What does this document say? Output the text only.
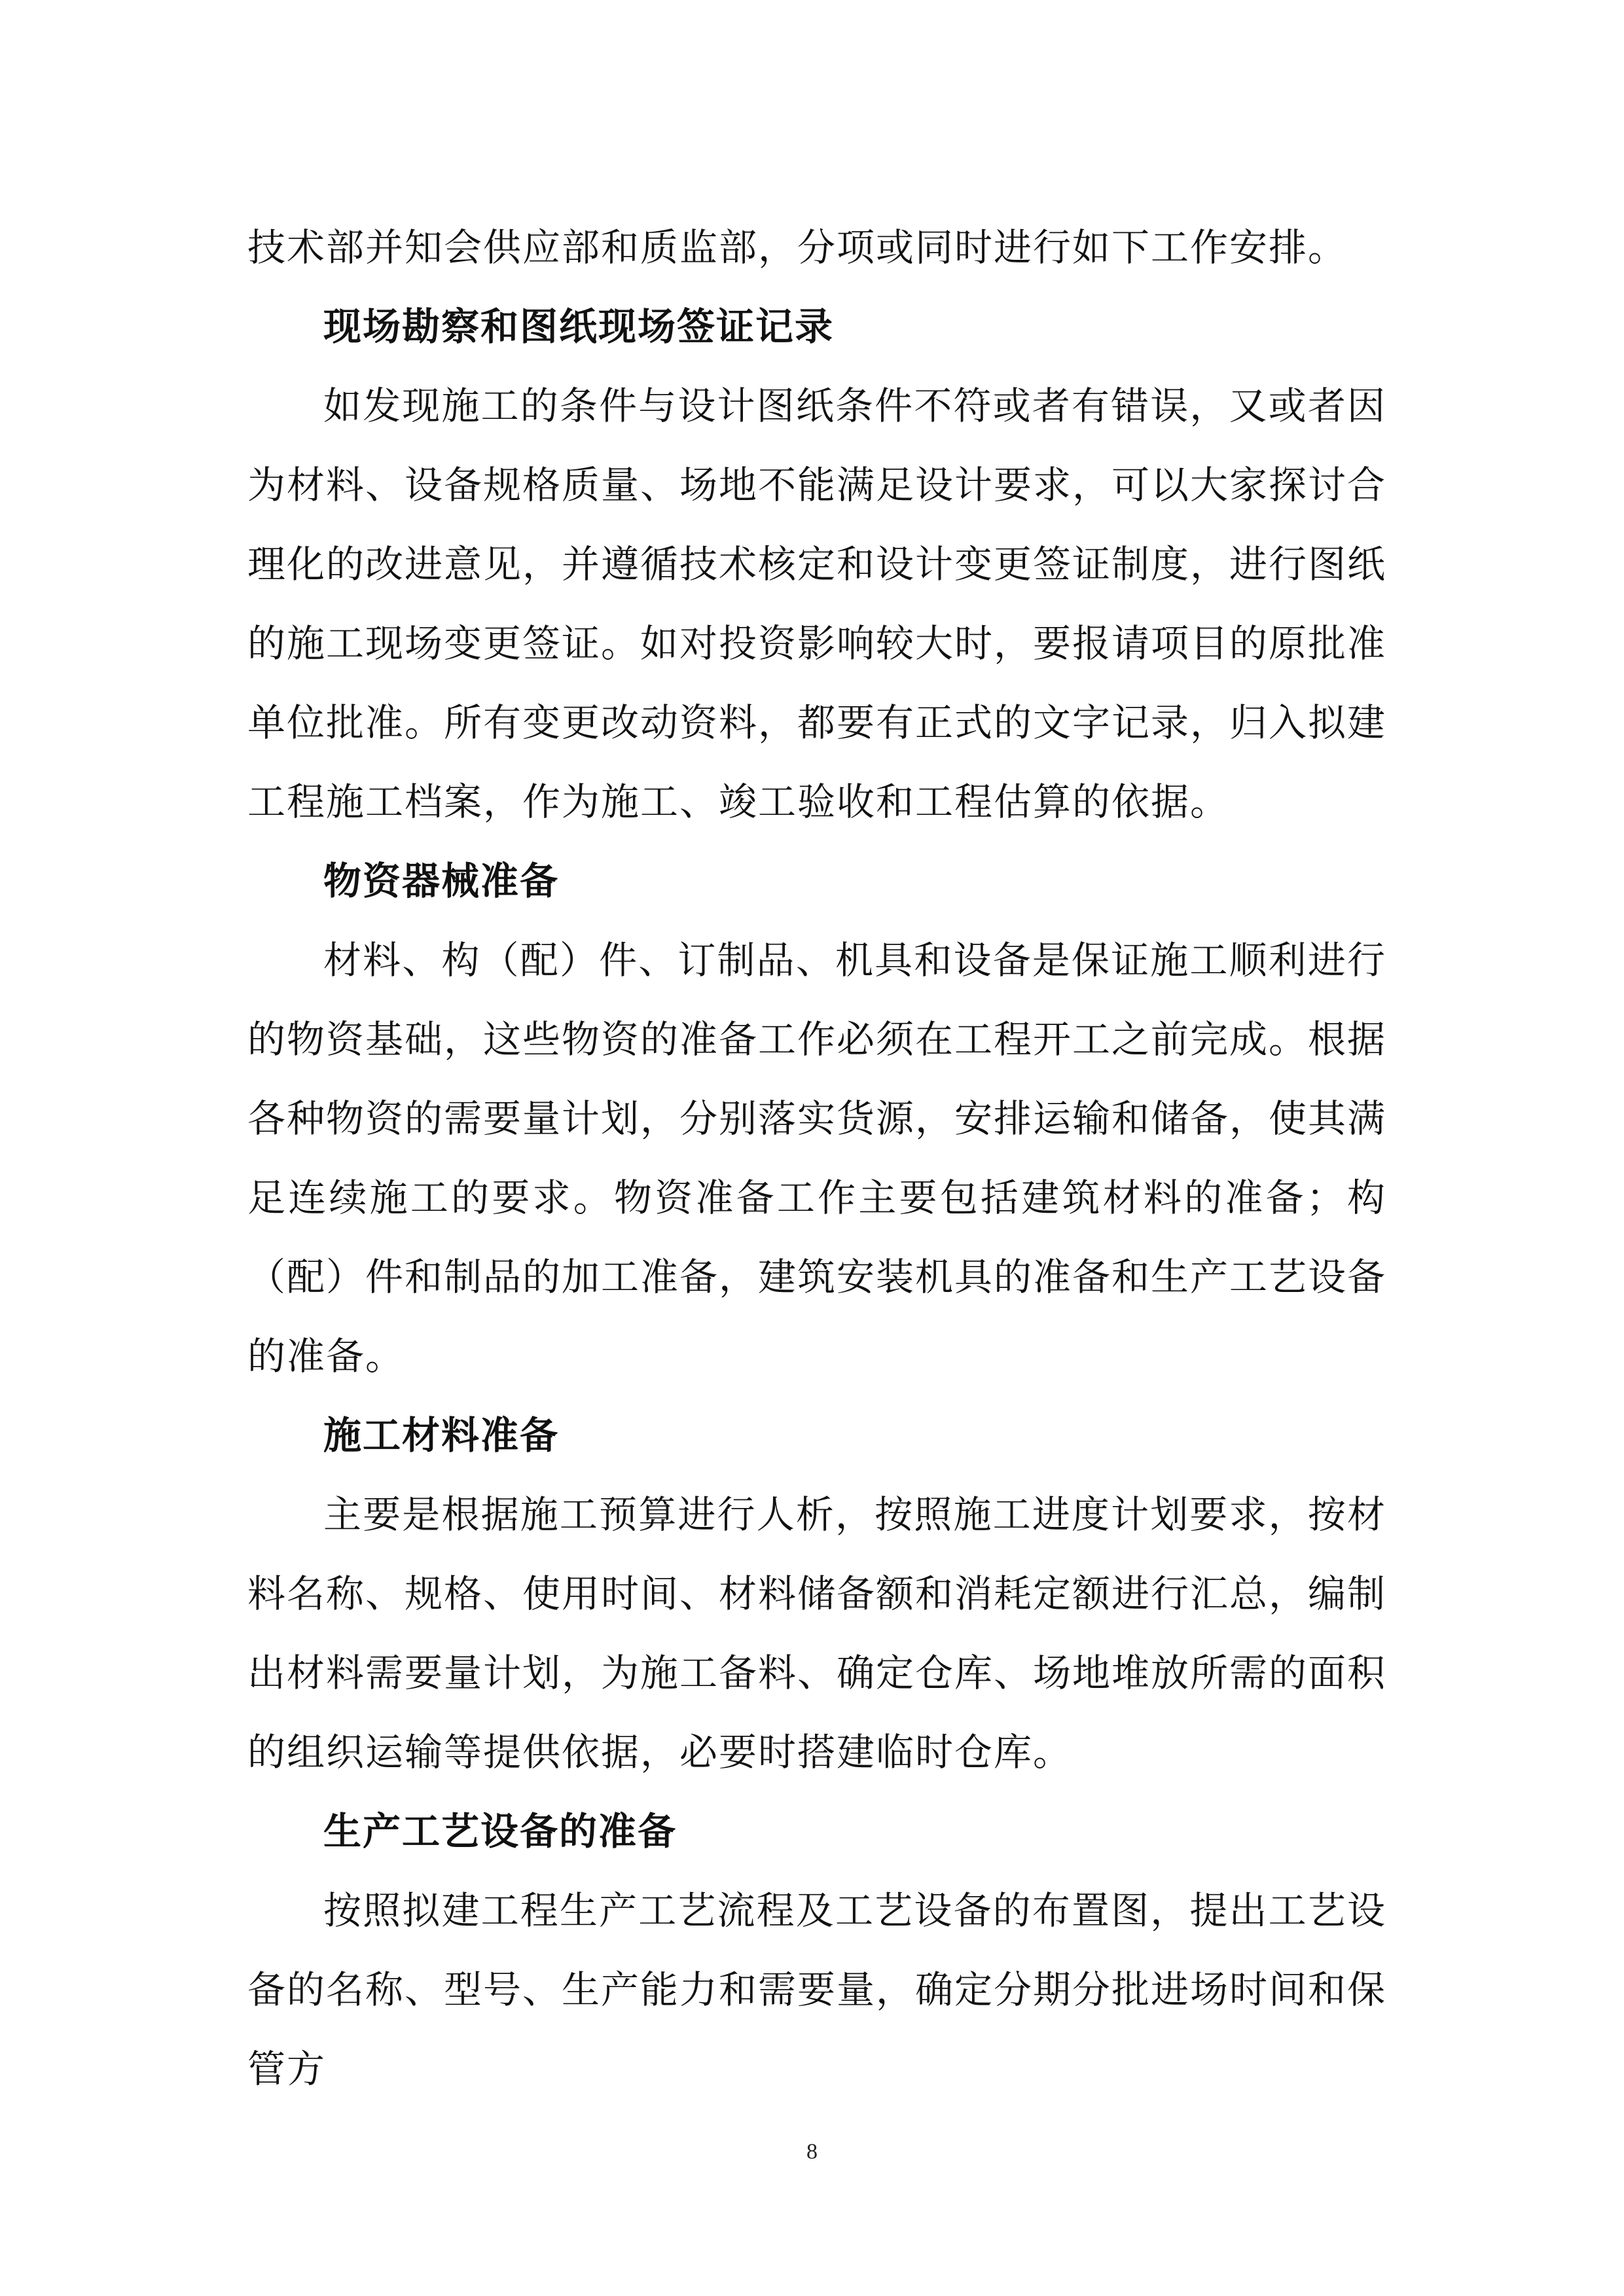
技术部并知会供应部和质监部，分项或同时进行如下工作安排。

现场勘察和图纸现场签证记录

如发现施工的条件与设计图纸条件不符或者有错误，又或者因为材料、设备规格质量、场地不能满足设计要求，可以大家探讨合理化的改进意见，并遵循技术核定和设计变更签证制度，进行图纸的施工现场变更签证。如对投资影响较大时，要报请项目的原批准单位批准。所有变更改动资料，都要有正式的文字记录，归入拟建工程施工档案，作为施工、竣工验收和工程估算的依据。

物资器械准备

材料、构（配）件、订制品、机具和设备是保证施工顺利进行的物资基础，这些物资的准备工作必须在工程开工之前完成。根据各种物资的需要量计划，分别落实货源，安排运输和储备，使其满足连续施工的要求。物资准备工作主要包括建筑材料的准备；构（配）件和制品的加工准备，建筑安装机具的准备和生产工艺设备的准备。

施工材料准备

主要是根据施工预算进行人析，按照施工进度计划要求，按材料名称、规格、使用时间、材料储备额和消耗定额进行汇总，编制出材料需要量计划，为施工备料、确定仓库、场地堆放所需的面积的组织运输等提供依据，必要时搭建临时仓库。

生产工艺设备的准备

按照拟建工程生产工艺流程及工艺设备的布置图，提出工艺设备的名称、型号、生产能力和需要量，确定分期分批进场时间和保管方

8
